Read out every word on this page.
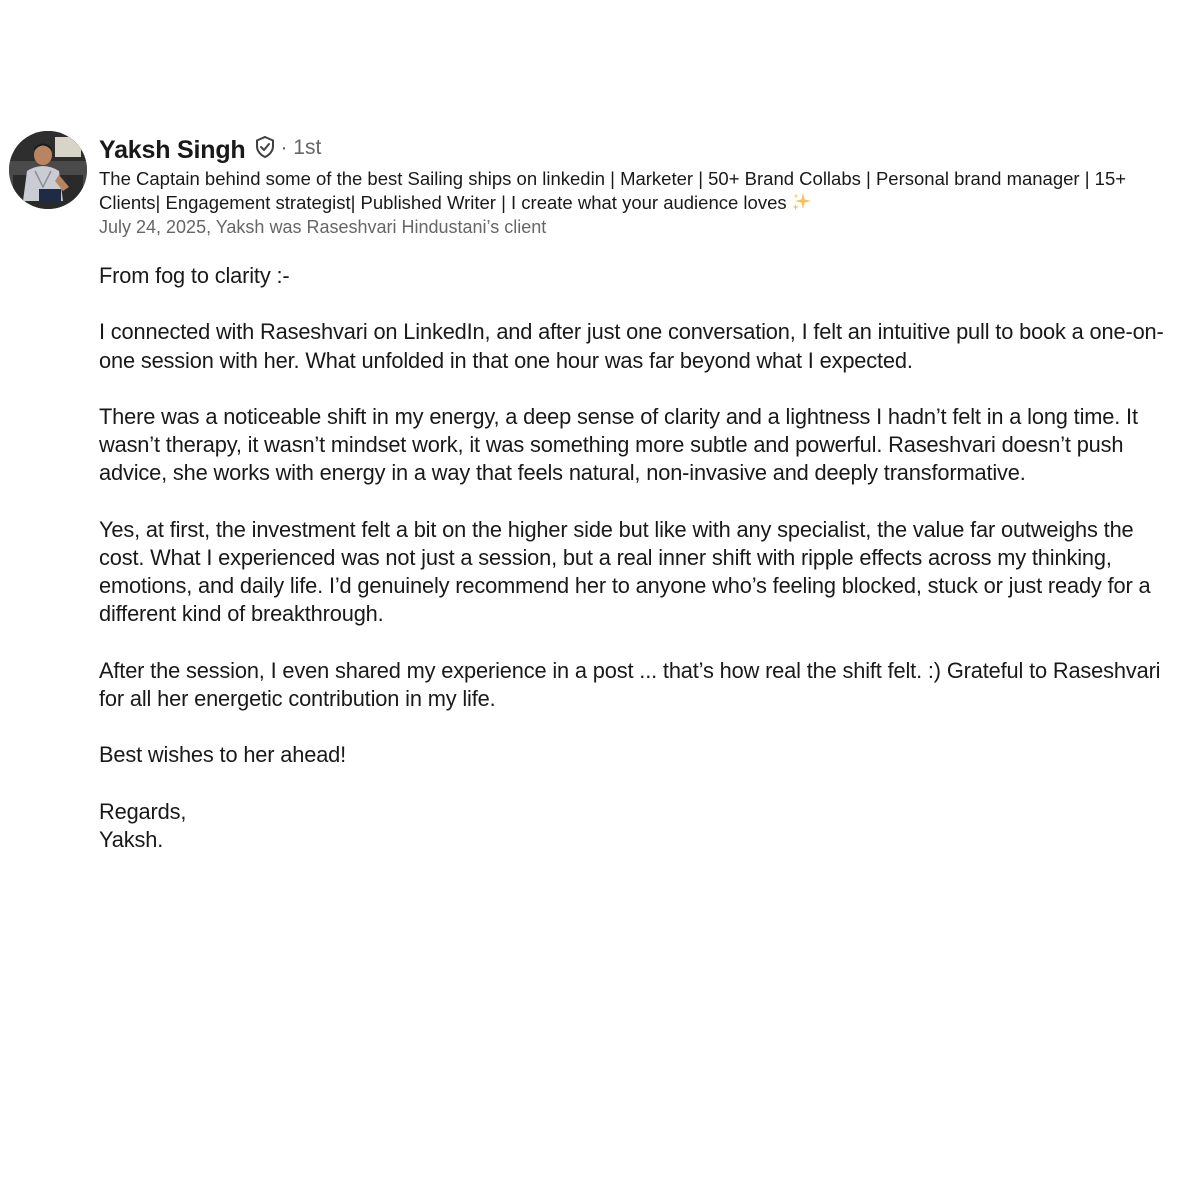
Yaksh Singh · 1st
The Captain behind some of the best Sailing ships on linkedin | Marketer | 50+ Brand Collabs | Personal brand manager | 15+ Clients| Engagement strategist| Published Writer | I create what your audience loves
July 24, 2025, Yaksh was Raseshvari Hindustani’s client

From fog to clarity :-

I connected with Raseshvari on LinkedIn, and after just one conversation, I felt an intuitive pull to book a one-on-one session with her. What unfolded in that one hour was far beyond what I expected.

There was a noticeable shift in my energy, a deep sense of clarity and a lightness I hadn’t felt in a long time. It wasn’t therapy, it wasn’t mindset work, it was something more subtle and powerful. Raseshvari doesn’t push advice, she works with energy in a way that feels natural, non-invasive and deeply transformative.

Yes, at first, the investment felt a bit on the higher side but like with any specialist, the value far outweighs the cost. What I experienced was not just a session, but a real inner shift with ripple effects across my thinking, emotions, and daily life. I’d genuinely recommend her to anyone who’s feeling blocked, stuck or just ready for a different kind of breakthrough.

After the session, I even shared my experience in a post ... that’s how real the shift felt. :) Grateful to Raseshvari for all her energetic contribution in my life.

Best wishes to her ahead!

Regards,
Yaksh.
